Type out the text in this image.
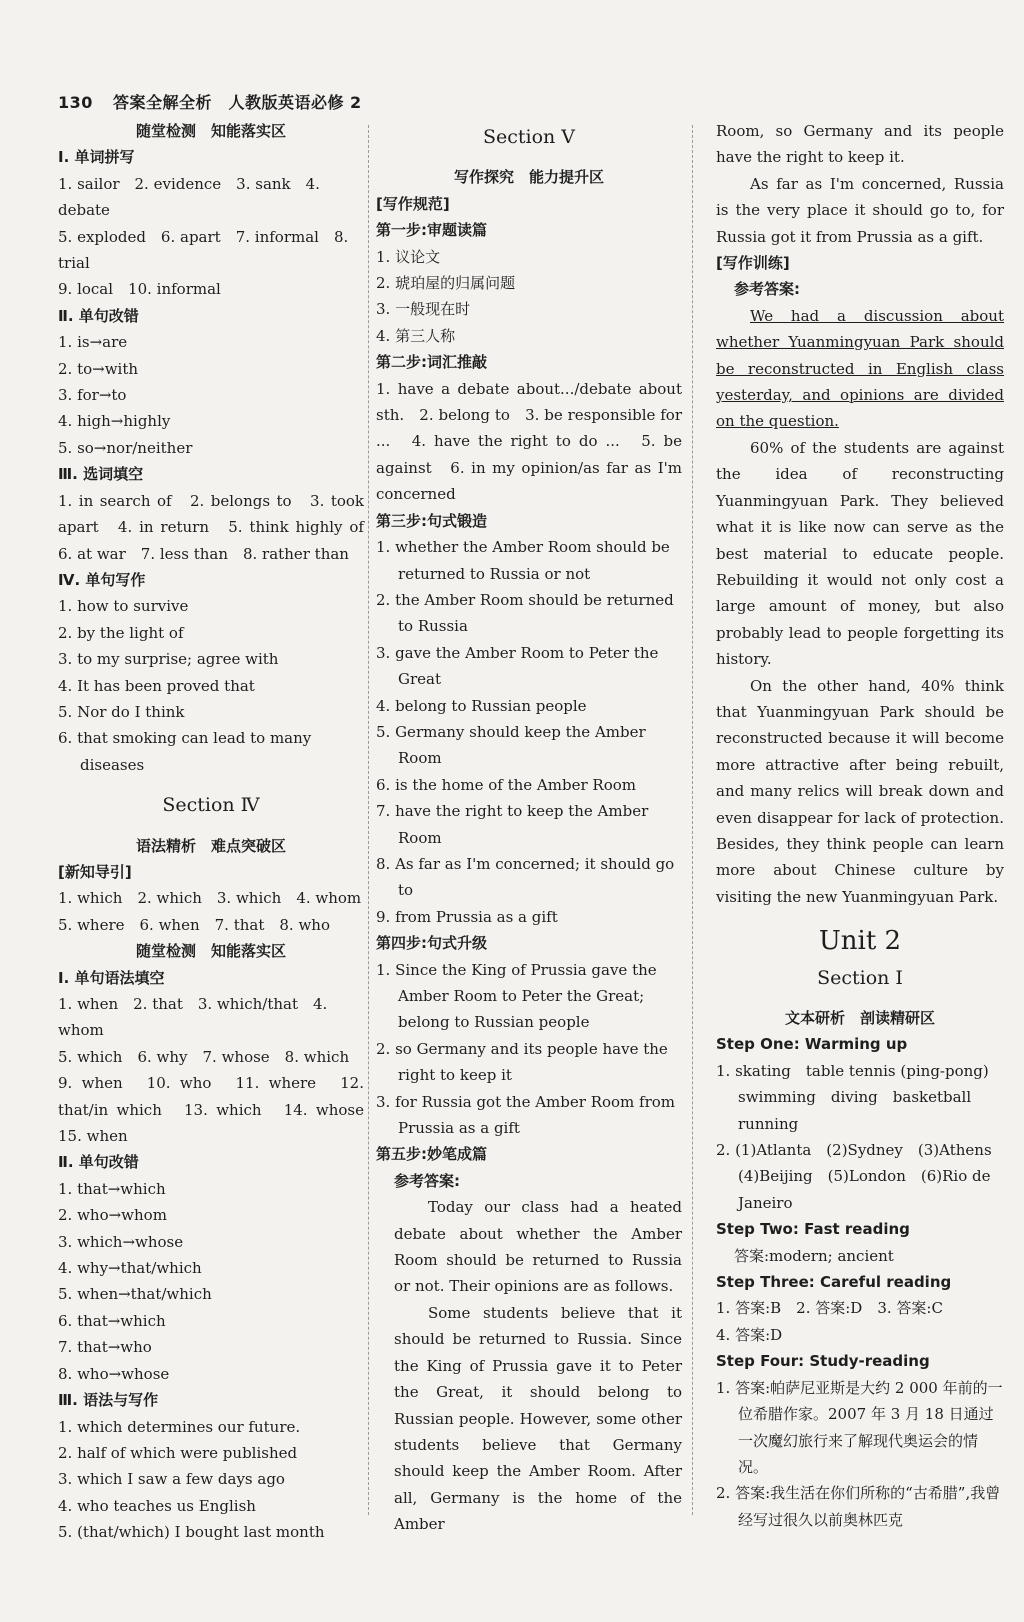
130 答案全解全析　人教版英语必修 2
随堂检测　知能落实区
Ⅰ. 单词拼写
1. sailor　2. evidence　3. sank　4. debate
5. exploded　6. apart　7. informal　8. trial
9. local　10. informal
Ⅱ. 单句改错
1. is→are
2. to→with
3. for→to
4. high→highly
5. so→nor/neither
Ⅲ. 选词填空
1. in search of　2. belongs to　3. took apart　4. in return　5. think highly of　6. at war　7. less than　8. rather than
Ⅳ. 单句写作
1. how to survive
2. by the light of
3. to my surprise; agree with
4. It has been proved that
5. Nor do I think
6. that smoking can lead to many diseases
Section Ⅳ
语法精析　难点突破区
[新知导引]
1. which　2. which　3. which　4. whom
5. where　6. when　7. that　8. who
随堂检测　知能落实区
Ⅰ. 单句语法填空
1. when　2. that　3. which/that　4. whom
5. which　6. why　7. whose　8. which
9. when　10. who　11. where　12. that/in which　13. which　14. whose　15. when
Ⅱ. 单句改错
1. that→which
2. who→whom
3. which→whose
4. why→that/which
5. when→that/which
6. that→which
7. that→who
8. who→whose
Ⅲ. 语法与写作
1. which determines our future.
2. half of which were published
3. which I saw a few days ago
4. who teaches us English
5. (that/which) I bought last month
Section Ⅴ
写作探究　能力提升区
[写作规范]
第一步:审题读篇
1. 议论文
2. 琥珀屋的归属问题
3. 一般现在时
4. 第三人称
第二步:词汇推敲
1. have a debate about.../debate about sth.　2. belong to　3. be responsible for ...　4. have the right to do ...　5. be against　6. in my opinion/as far as I'm concerned
第三步:句式锻造
1. whether the Amber Room should be returned to Russia or not
2. the Amber Room should be returned to Russia
3. gave the Amber Room to Peter the Great
4. belong to Russian people
5. Germany should keep the Amber Room
6. is the home of the Amber Room
7. have the right to keep the Amber Room
8. As far as I'm concerned; it should go to
9. from Prussia as a gift
第四步:句式升级
1. Since the King of Prussia gave the Amber Room to Peter the Great; belong to Russian people
2. so Germany and its people have the right to keep it
3. for Russia got the Amber Room from Prussia as a gift
第五步:妙笔成篇
参考答案:
Today our class had a heated debate about whether the Amber Room should be returned to Russia or not. Their opinions are as follows.
Some students believe that it should be returned to Russia. Since the King of Prussia gave it to Peter the Great, it should belong to Russian people. However, some other students believe that Germany should keep the Amber Room. After all, Germany is the home of the Amber
Room, so Germany and its people have the right to keep it.
As far as I'm concerned, Russia is the very place it should go to, for Russia got it from Prussia as a gift.
[写作训练]
参考答案:
We had a discussion about whether Yuanmingyuan Park should be reconstructed in English class yesterday, and opinions are divided on the question.
60% of the students are against the idea of reconstructing Yuanmingyuan Park. They believed what it is like now can serve as the best material to educate people. Rebuilding it would not only cost a large amount of money, but also probably lead to people forgetting its history.
On the other hand, 40% think that Yuanmingyuan Park should be reconstructed because it will become more attractive after being rebuilt, and many relics will break down and even disappear for lack of protection. Besides, they think people can learn more about Chinese culture by visiting the new Yuanmingyuan Park.
Unit 2
Section Ⅰ
文本研析　剖读精研区
Step One: Warming up
1. skating　table tennis (ping-pong)　swimming　diving　basketball　running
2. (1)Atlanta　(2)Sydney　(3)Athens　(4)Beijing　(5)London　(6)Rio de Janeiro
Step Two: Fast reading
答案:modern; ancient
Step Three: Careful reading
1. 答案:B　2. 答案:D　3. 答案:C
4. 答案:D
Step Four: Study-reading
1. 答案:帕萨尼亚斯是大约 2 000 年前的一位希腊作家。2007 年 3 月 18 日通过一次魔幻旅行来了解现代奥运会的情况。
2. 答案:我生活在你们所称的“古希腊”,我曾经写过很久以前奥林匹克
